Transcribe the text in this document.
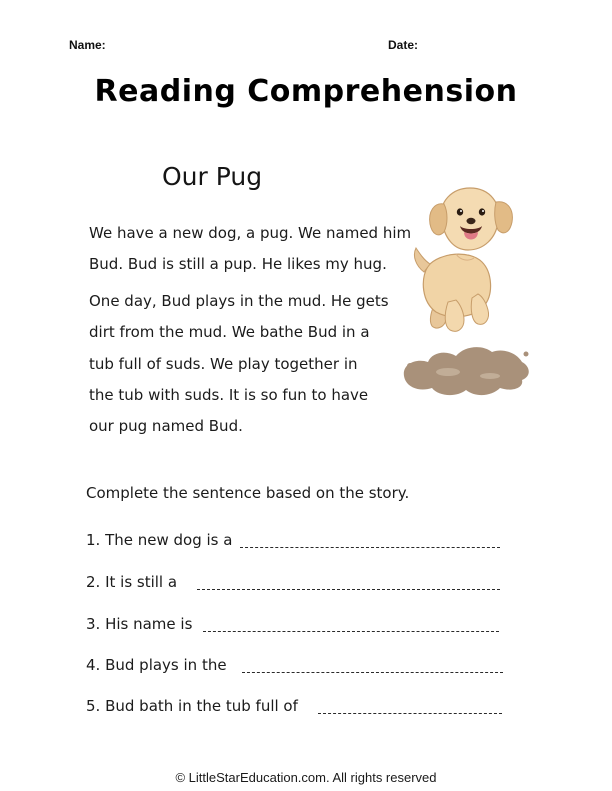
Name:	Date:
Reading Comprehension
Our Pug
We have a new dog, a pug. We named him
Bud. Bud is still a pup. He likes my hug.
One day, Bud plays in the mud. He gets
dirt from the mud. We bathe Bud in a
tub full of suds. We play together in
the tub with suds. It is so fun to have
our pug named Bud.
Complete the sentence based on the story.
1. The new dog is a
2. It is still a
3. His name is
4. Bud plays in the
5. Bud bath in the tub full of
© LittleStarEducation.com. All rights reserved
